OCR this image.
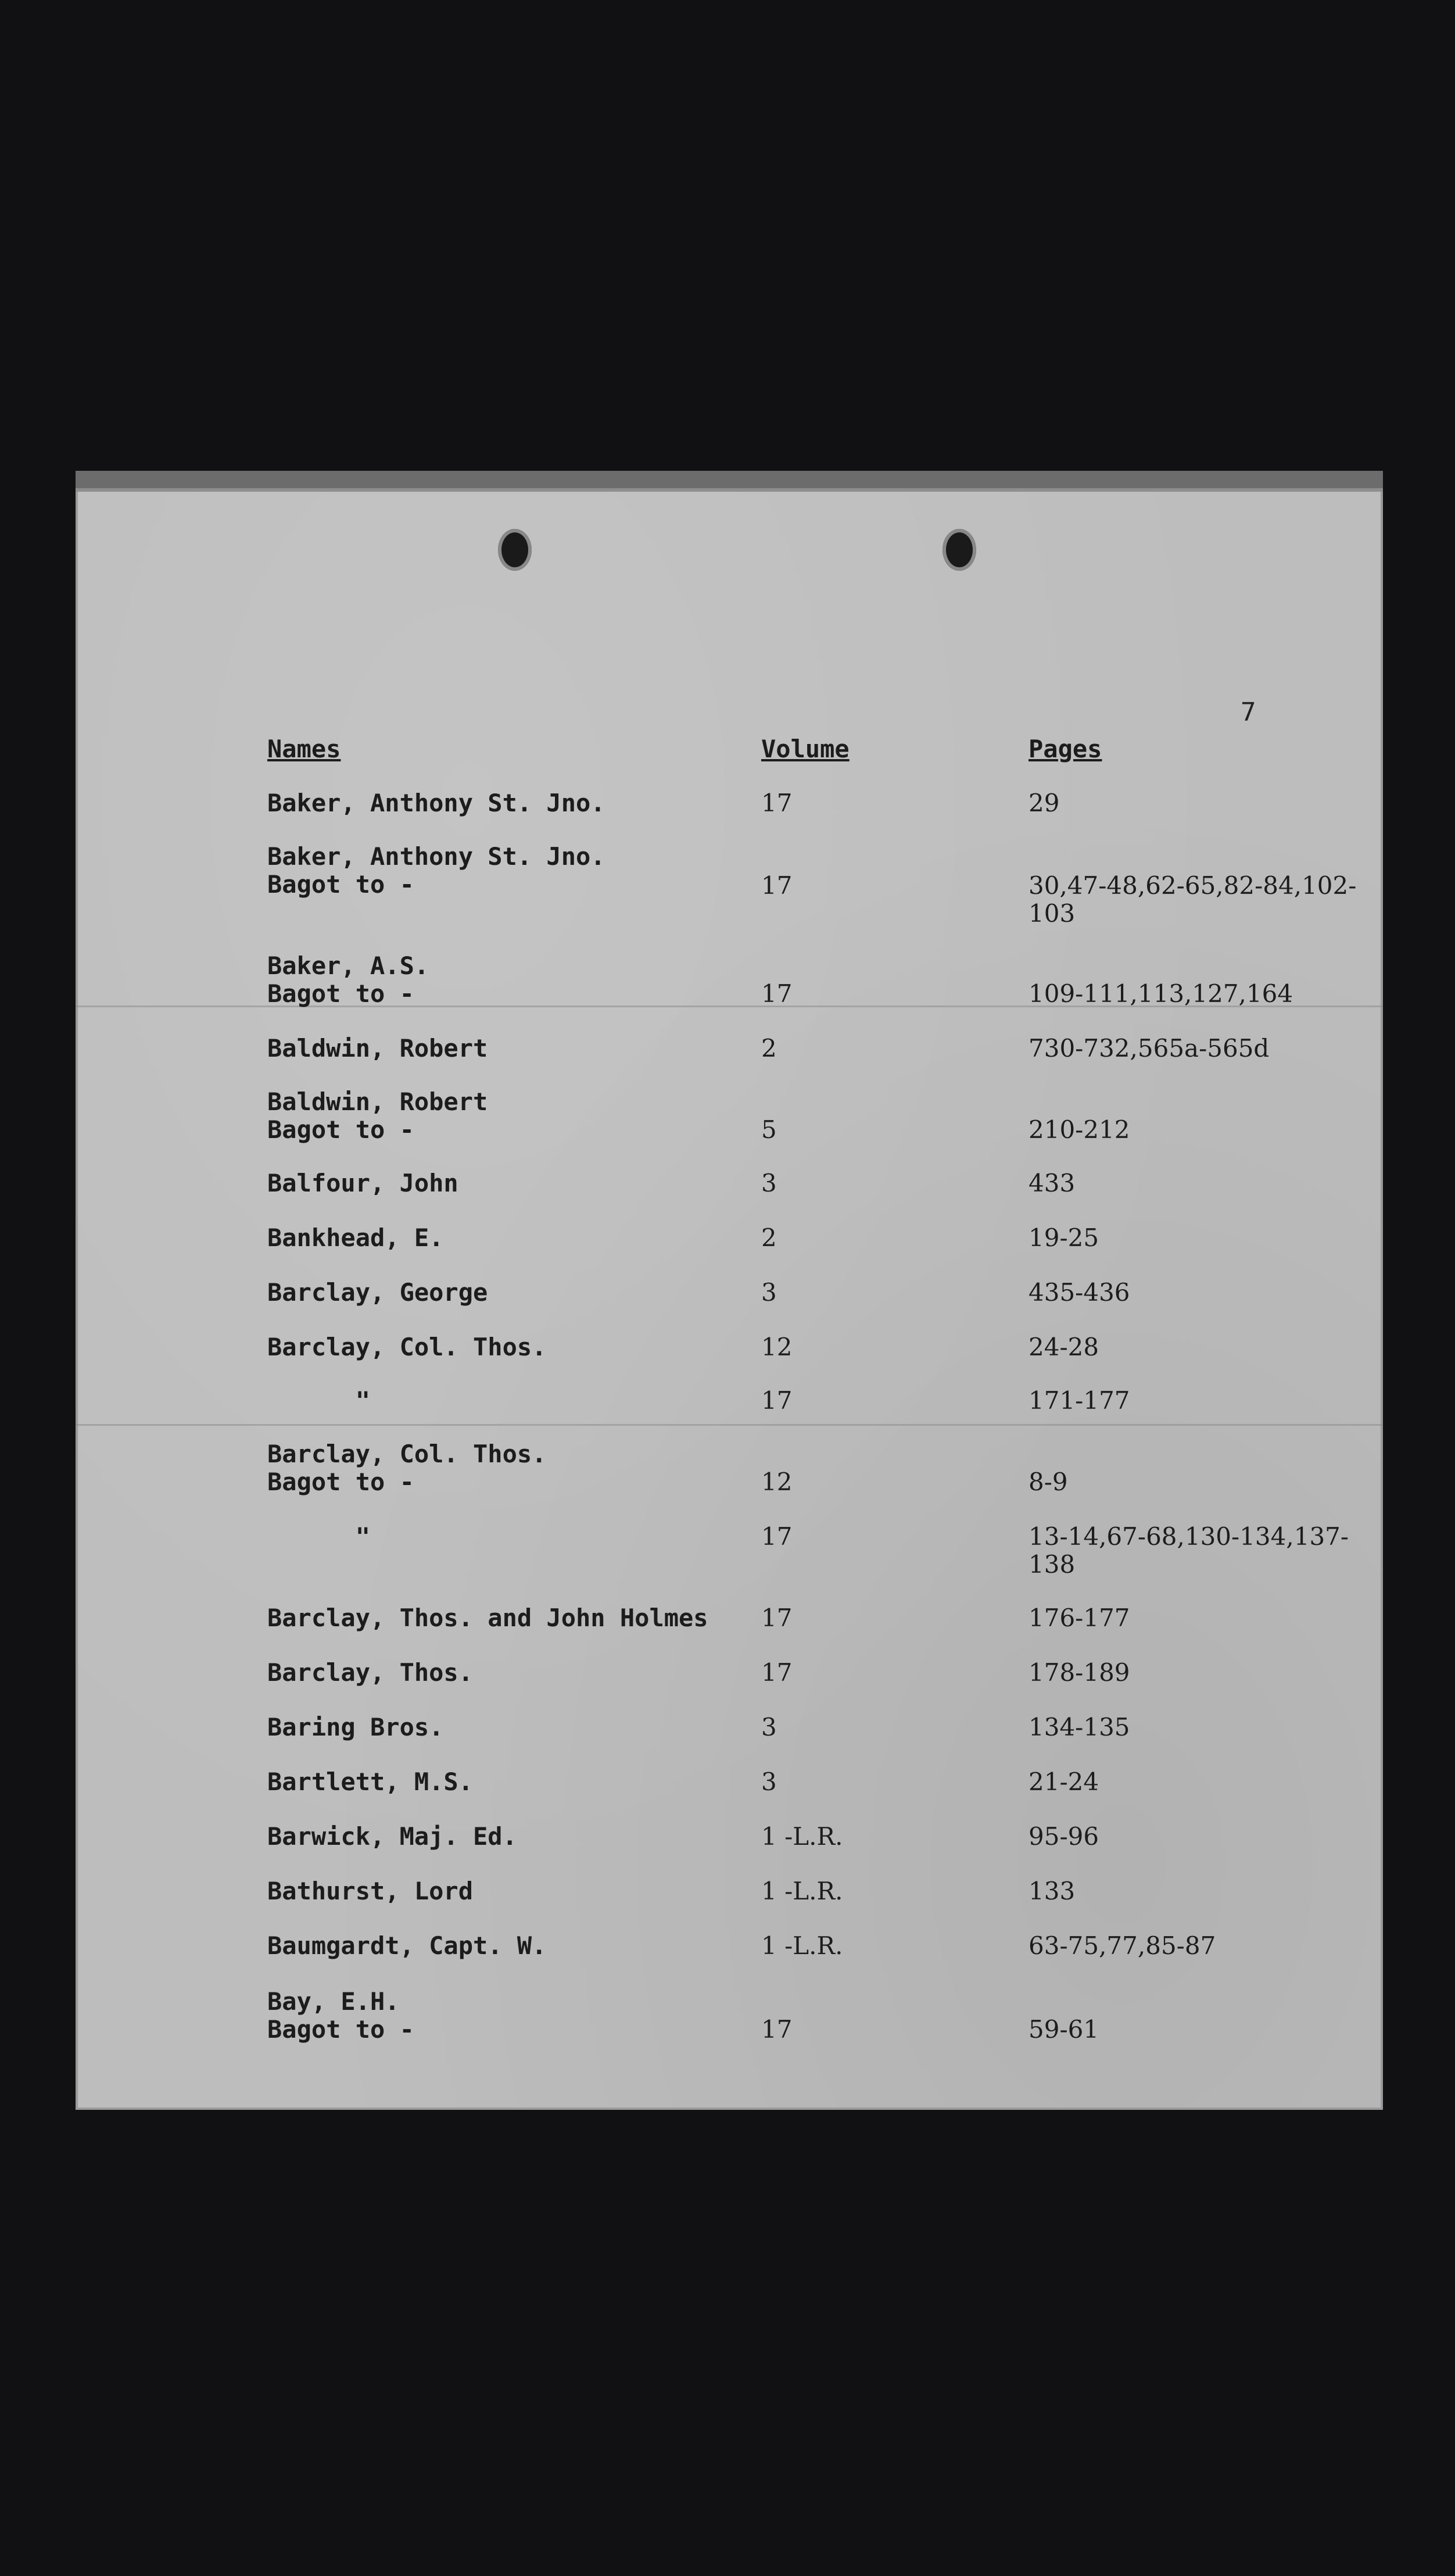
7
Names	Volume	Pages
Baker, Anthony St. Jno.	17	29
Baker, Anthony St. Jno.
Bagot to -	17	30,47-48,62-65,82-84,102-
103
Baker, A.S.
Bagot to -	17	109-111,113,127,164
Baldwin, Robert	2	730-732,565a-565d
Baldwin, Robert
Bagot to -	5	210-212
Balfour, John	3	433
Bankhead, E.	2	19-25
Barclay, George	3	435-436
Barclay, Col. Thos.	12	24-28
"	17	171-177
Barclay, Col. Thos.
Bagot to -	12	8-9
"	17	13-14,67-68,130-134,137-
138
Barclay, Thos. and John Holmes 17	176-177
Barclay, Thos.	17	178-189
Baring Bros.	3	134-135
Bartlett, M.S.	3	21-24
Barwick, Maj. Ed.	1 -L.R.	95-96
Bathurst, Lord	1 -L.R.	133
Baumgardt, Capt. W.	1 -L.R.	63-75,77,85-87
Bay, E.H.
Bagot to -	17	59-61
